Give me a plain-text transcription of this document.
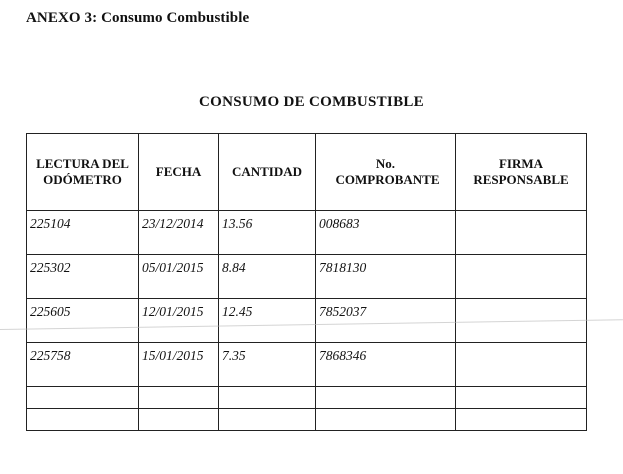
ANEXO 3: Consumo Combustible
CONSUMO DE COMBUSTIBLE
LECTURA DEL ODÓMETRO	FECHA	CANTIDAD	No. COMPROBANTE	FIRMA RESPONSABLE
225104	23/12/2014	13.56	008683	
225302	05/01/2015	8.84	7818130	
225605	12/01/2015	12.45	7852037	
225758	15/01/2015	7.35	7868346	
